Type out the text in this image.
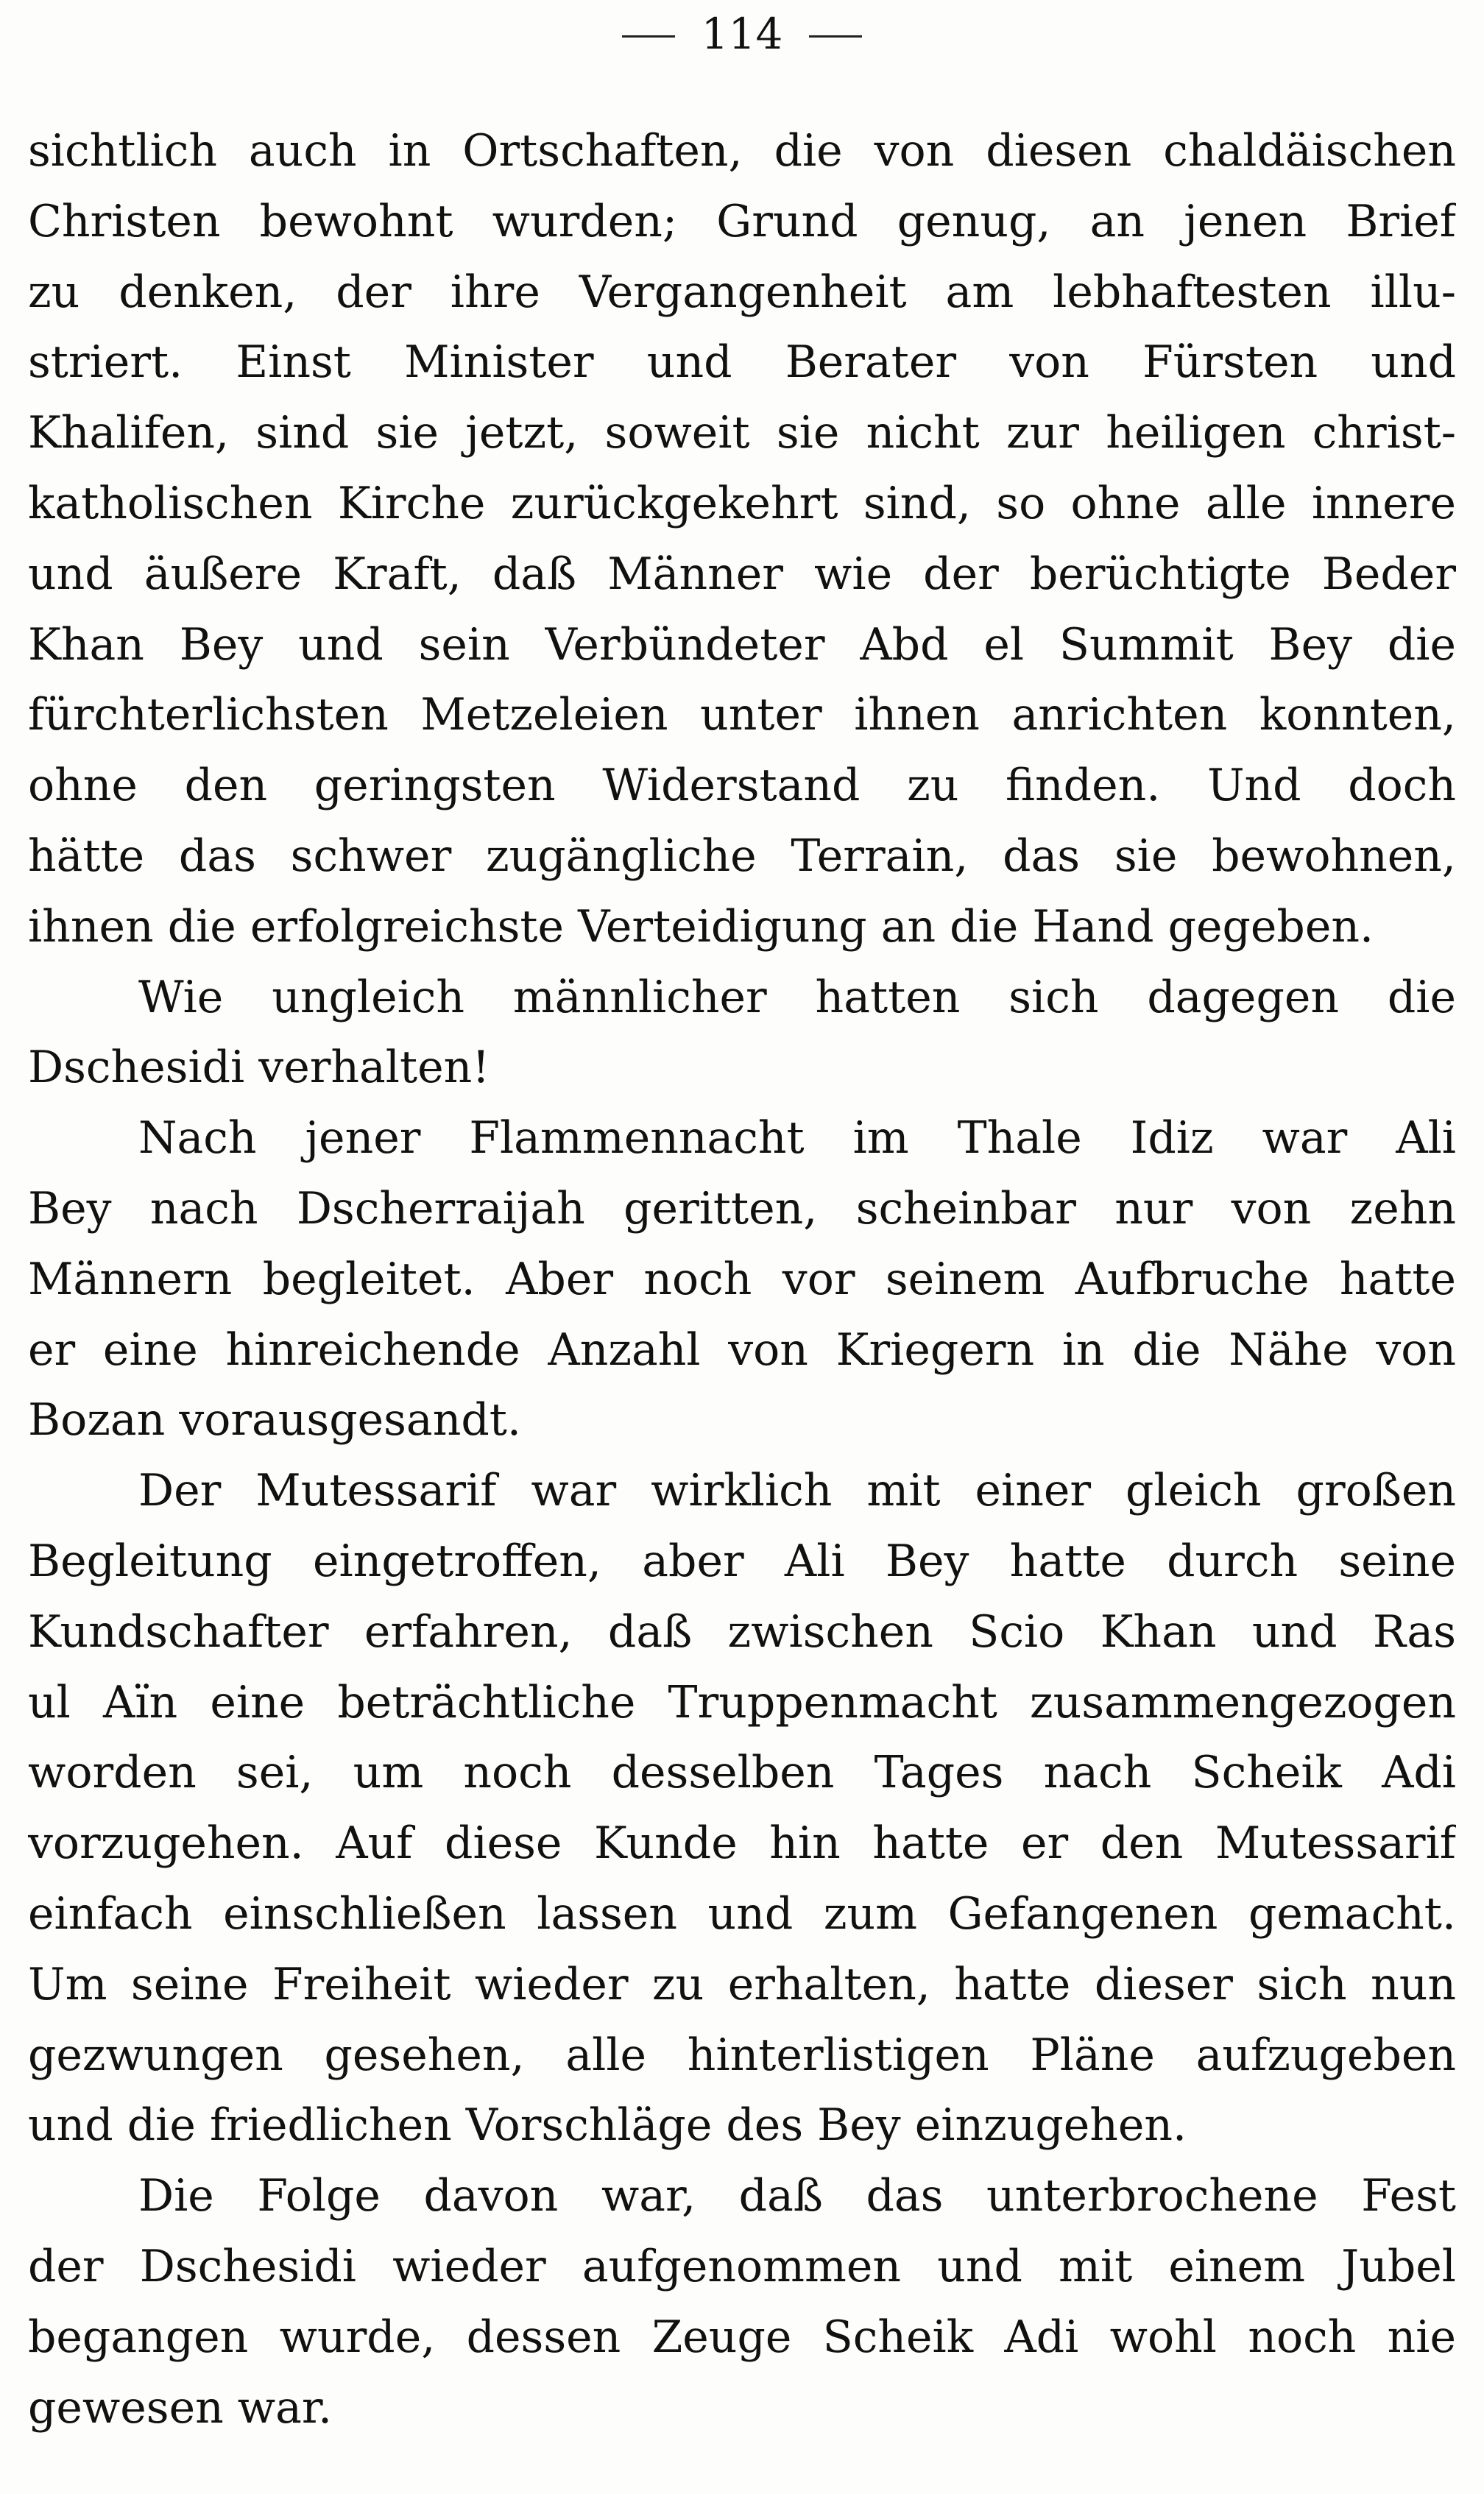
114
sichtlich auch in Ortschaften, die von diesen chaldäischen
Christen bewohnt wurden; Grund genug, an jenen Brief
zu denken, der ihre Vergangenheit am lebhaftesten illu-
striert. Einst Minister und Berater von Fürsten und
Khalifen, sind sie jetzt, soweit sie nicht zur heiligen christ-
katholischen Kirche zurückgekehrt sind, so ohne alle innere
und äußere Kraft, daß Männer wie der berüchtigte Beder
Khan Bey und sein Verbündeter Abd el Summit Bey die
fürchterlichsten Metzeleien unter ihnen anrichten konnten,
ohne den geringsten Widerstand zu finden. Und doch
hätte das schwer zugängliche Terrain, das sie bewohnen,
ihnen die erfolgreichste Verteidigung an die Hand gegeben.
Wie ungleich männlicher hatten sich dagegen die
Dschesidi verhalten!
Nach jener Flammennacht im Thale Idiz war Ali
Bey nach Dscherraijah geritten, scheinbar nur von zehn
Männern begleitet. Aber noch vor seinem Aufbruche hatte
er eine hinreichende Anzahl von Kriegern in die Nähe von
Bozan vorausgesandt.
Der Mutessarif war wirklich mit einer gleich großen
Begleitung eingetroffen, aber Ali Bey hatte durch seine
Kundschafter erfahren, daß zwischen Scio Khan und Ras
ul Aïn eine beträchtliche Truppenmacht zusammengezogen
worden sei, um noch desselben Tages nach Scheik Adi
vorzugehen. Auf diese Kunde hin hatte er den Mutessarif
einfach einschließen lassen und zum Gefangenen gemacht.
Um seine Freiheit wieder zu erhalten, hatte dieser sich nun
gezwungen gesehen, alle hinterlistigen Pläne aufzugeben
und die friedlichen Vorschläge des Bey einzugehen.
Die Folge davon war, daß das unterbrochene Fest
der Dschesidi wieder aufgenommen und mit einem Jubel
begangen wurde, dessen Zeuge Scheik Adi wohl noch nie
gewesen war.
